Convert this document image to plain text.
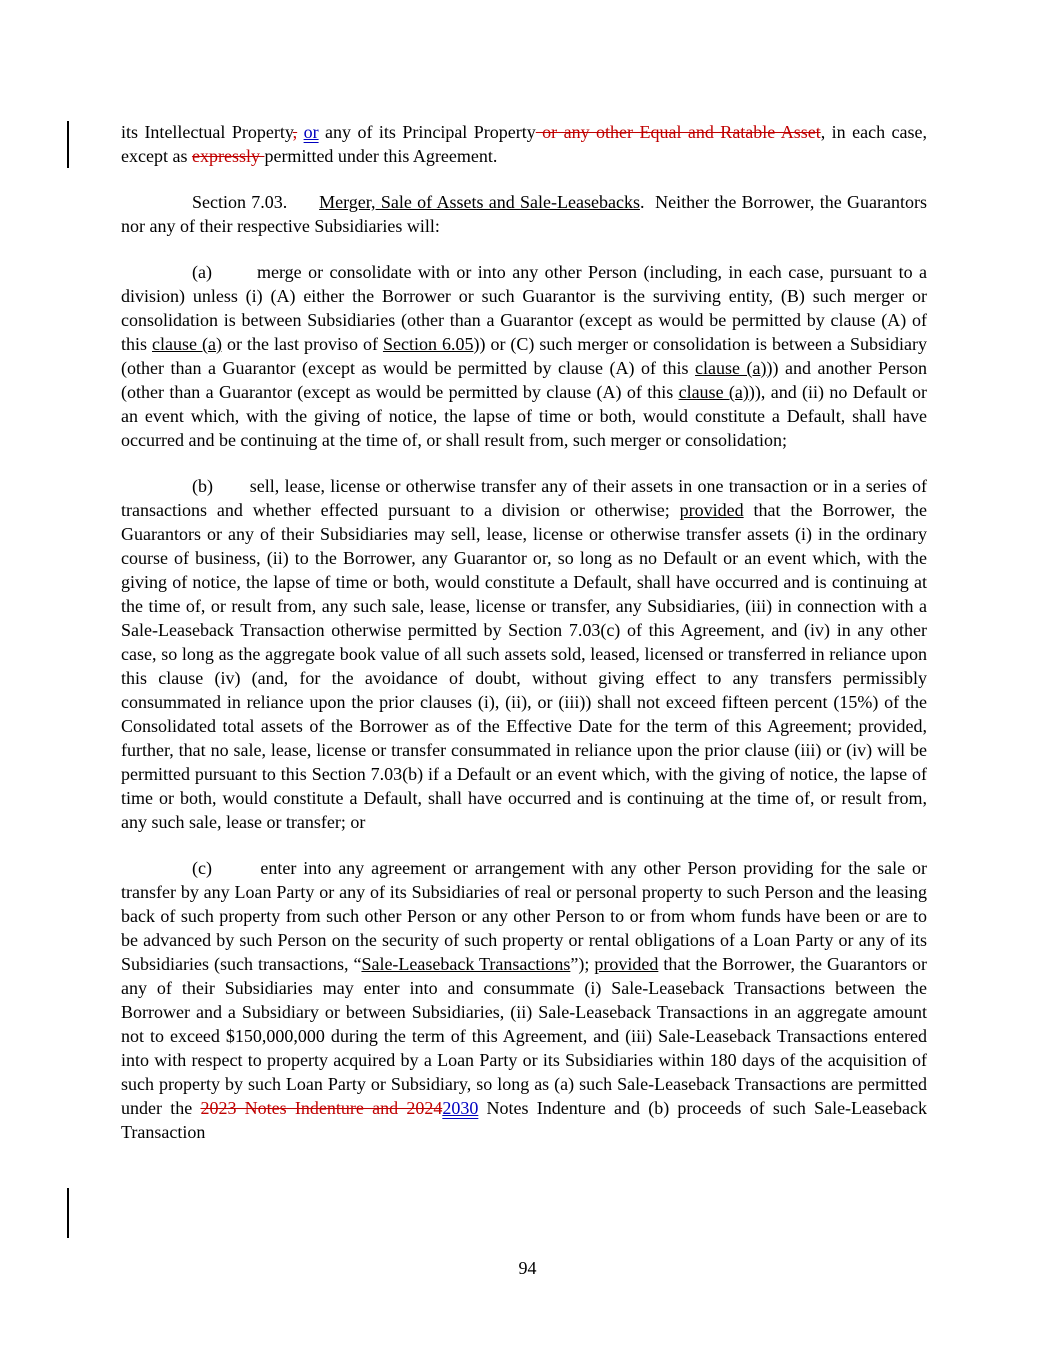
its Intellectual Property, or any of its Principal Property or any other Equal and Ratable Asset, in each case, except as expressly permitted under this Agreement.

Section 7.03.      Merger, Sale of Assets and Sale-Leasebacks.  Neither the Borrower, the Guarantors nor any of their respective Subsidiaries will:

(a)       merge or consolidate with or into any other Person (including, in each case, pursuant to a division) unless (i) (A) either the Borrower or such Guarantor is the surviving entity, (B) such merger or consolidation is between Subsidiaries (other than a Guarantor (except as would be permitted by clause (A) of this clause (a) or the last proviso of Section 6.05)) or (C) such merger or consolidation is between a Subsidiary (other than a Guarantor (except as would be permitted by clause (A) of this clause (a))) and another Person (other than a Guarantor (except as would be permitted by clause (A) of this clause (a))), and (ii) no Default or an event which, with the giving of notice, the lapse of time or both, would constitute a Default, shall have occurred and be continuing at the time of, or shall result from, such merger or consolidation;

(b)       sell, lease, license or otherwise transfer any of their assets in one transaction or in a series of transactions and whether effected pursuant to a division or otherwise; provided that the Borrower, the Guarantors or any of their Subsidiaries may sell, lease, license or otherwise transfer assets (i) in the ordinary course of business, (ii) to the Borrower, any Guarantor or, so long as no Default or an event which, with the giving of notice, the lapse of time or both, would constitute a Default, shall have occurred and is continuing at the time of, or result from, any such sale, lease, license or transfer, any Subsidiaries, (iii) in connection with a Sale-Leaseback Transaction otherwise permitted by Section 7.03(c) of this Agreement, and (iv) in any other case, so long as the aggregate book value of all such assets sold, leased, licensed or transferred in reliance upon this clause (iv) (and, for the avoidance of doubt, without giving effect to any transfers permissibly consummated in reliance upon the prior clauses (i), (ii), or (iii)) shall not exceed fifteen percent (15%) of the Consolidated total assets of the Borrower as of the Effective Date for the term of this Agreement; provided, further, that no sale, lease, license or transfer consummated in reliance upon the prior clause (iii) or (iv) will be permitted pursuant to this Section 7.03(b) if a Default or an event which, with the giving of notice, the lapse of time or both, would constitute a Default, shall have occurred and is continuing at the time of, or result from, any such sale, lease or transfer; or

(c)       enter into any agreement or arrangement with any other Person providing for the sale or transfer by any Loan Party or any of its Subsidiaries of real or personal property to such Person and the leasing back of such property from such other Person or any other Person to or from whom funds have been or are to be advanced by such Person on the security of such property or rental obligations of a Loan Party or any of its Subsidiaries (such transactions, “Sale-Leaseback Transactions”); provided that the Borrower, the Guarantors or any of their Subsidiaries may enter into and consummate (i) Sale-Leaseback Transactions between the Borrower and a Subsidiary or between Subsidiaries, (ii) Sale-Leaseback Transactions in an aggregate amount not to exceed $150,000,000 during the term of this Agreement, and (iii) Sale-Leaseback Transactions entered into with respect to property acquired by a Loan Party or its Subsidiaries within 180 days of the acquisition of such property by such Loan Party or Subsidiary, so long as (a) such Sale-Leaseback Transactions are permitted under the 2023 Notes Indenture and 20242030 Notes Indenture and (b) proceeds of such Sale-Leaseback Transaction

94
